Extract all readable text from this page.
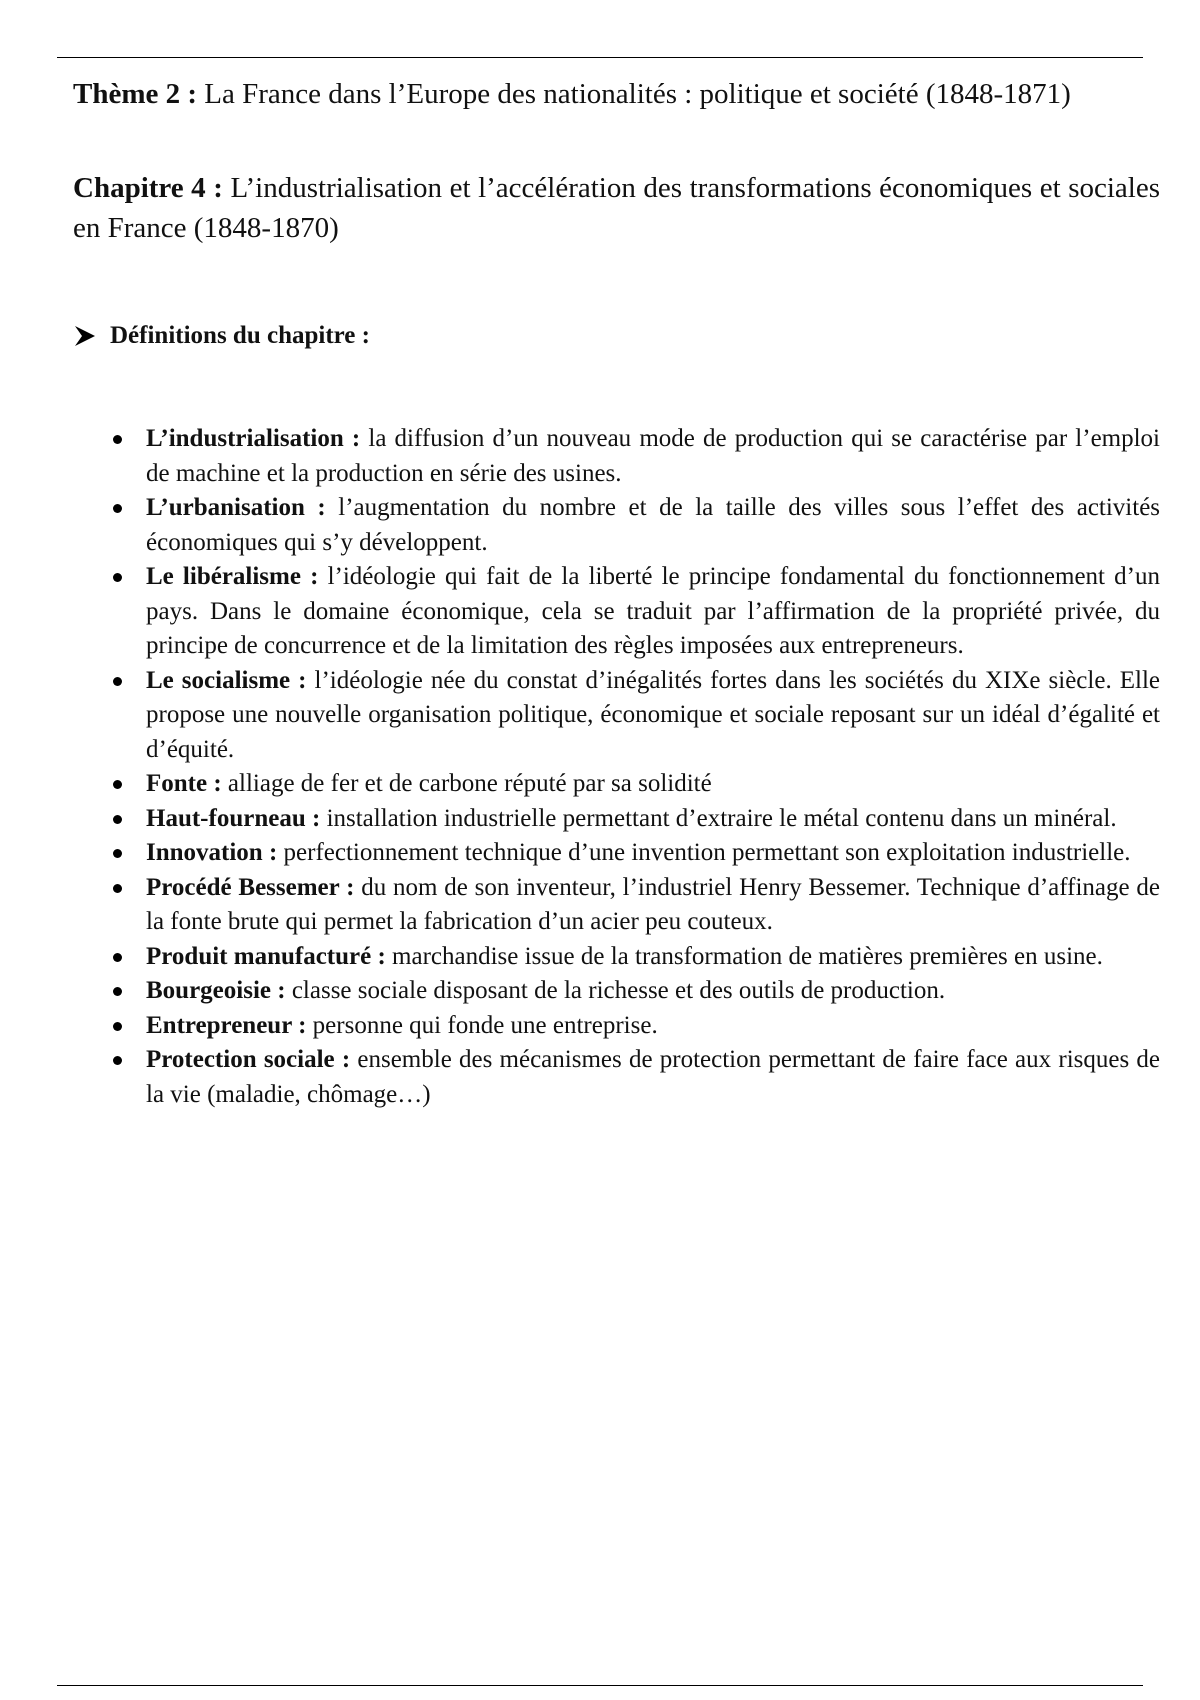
Thème 2 : La France dans l’Europe des nationalités : politique et société (1848-1871)
Chapitre 4 : L’industrialisation et l’accélération des transformations économiques et sociales en France (1848-1870)
Définitions du chapitre :
L’industrialisation : la diffusion d’un nouveau mode de production qui se caractérise par l’emploi de machine et la production en série des usines.
L’urbanisation : l’augmentation du nombre et de la taille des villes sous l’effet des activités économiques qui s’y développent.
Le libéralisme : l’idéologie qui fait de la liberté le principe fondamental du fonctionnement d’un pays. Dans le domaine économique, cela se traduit par l’affirmation de la propriété privée, du principe de concurrence et de la limitation des règles imposées aux entrepreneurs.
Le socialisme : l’idéologie née du constat d’inégalités fortes dans les sociétés du XIXe siècle. Elle propose une nouvelle organisation politique, économique et sociale reposant sur un idéal d’égalité et d’équité.
Fonte : alliage de fer et de carbone réputé par sa solidité
Haut-fourneau : installation industrielle permettant d’extraire le métal contenu dans un minéral.
Innovation : perfectionnement technique d’une invention permettant son exploitation industrielle.
Procédé Bessemer : du nom de son inventeur, l’industriel Henry Bessemer. Technique d’affinage de la fonte brute qui permet la fabrication d’un acier peu couteux.
Produit manufacturé : marchandise issue de la transformation de matières premières en usine.
Bourgeoisie : classe sociale disposant de la richesse et des outils de production.
Entrepreneur : personne qui fonde une entreprise.
Protection sociale : ensemble des mécanismes de protection permettant de faire face aux risques de la vie (maladie, chômage…)
